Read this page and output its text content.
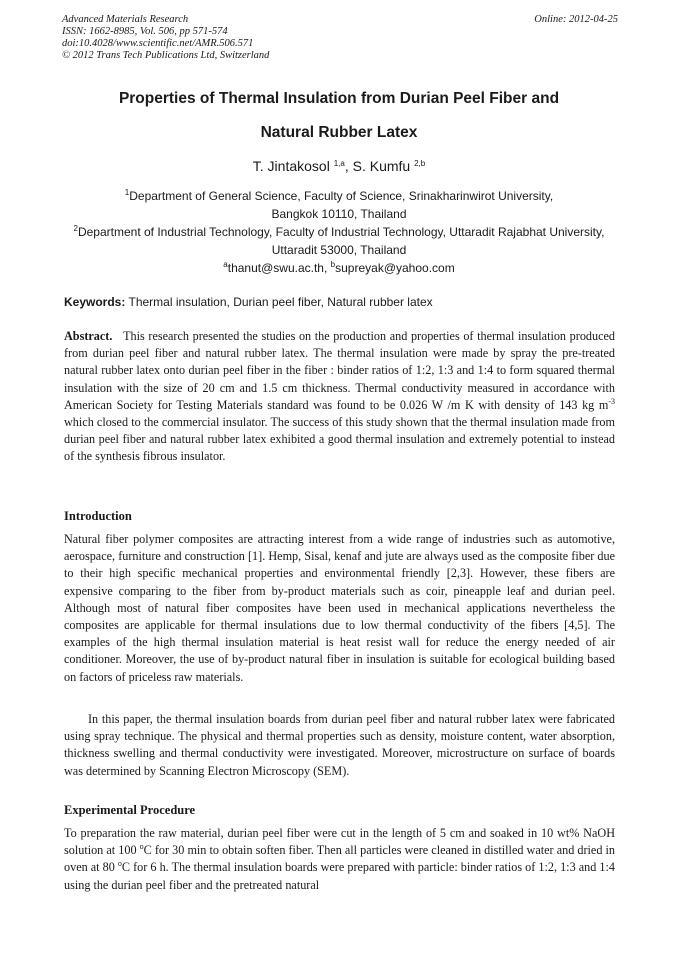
Advanced Materials Research
ISSN: 1662-8985, Vol. 506, pp 571-574
doi:10.4028/www.scientific.net/AMR.506.571
© 2012 Trans Tech Publications Ltd, Switzerland
Online: 2012-04-25
Properties of Thermal Insulation from Durian Peel Fiber and
Natural Rubber Latex
T. Jintakosol $^{1,a}$, S. Kumfu $^{2,b}$
$^1$Department of General Science, Faculty of Science, Srinakharinwirot University,
Bangkok 10110, Thailand
$^2$Department of Industrial Technology, Faculty of Industrial Technology, Uttaradit Rajabhat University,
Uttaradit 53000, Thailand
$^a$thanut@swu.ac.th, $^b$supreyak@yahoo.com
Keywords: Thermal insulation, Durian peel fiber, Natural rubber latex
Abstract. This research presented the studies on the production and properties of thermal insulation produced from durian peel fiber and natural rubber latex. The thermal insulation were made by spray the pre-treated natural rubber latex onto durian peel fiber in the fiber : binder ratios of 1:2, 1:3 and 1:4 to form squared thermal insulation with the size of 20 cm and 1.5 cm thickness. Thermal conductivity measured in accordance with American Society for Testing Materials standard was found to be 0.026 W /m K with density of 143 kg $m^{-3}$ which closed to the commercial insulator. The success of this study shown that the thermal insulation made from durian peel fiber and natural rubber latex exhibited a good thermal insulation and extremely potential to instead of the synthesis fibrous insulator.
Introduction
Natural fiber polymer composites are attracting interest from a wide range of industries such as automotive, aerospace, furniture and construction [1]. Hemp, Sisal, kenaf and jute are always used as the composite fiber due to their high specific mechanical properties and environmental friendly [2,3]. However, these fibers are expensive comparing to the fiber from by-product materials such as coir, pineapple leaf and durian peel. Although most of natural fiber composites have been used in mechanical applications nevertheless the composites are applicable for thermal insulations due to low thermal conductivity of the fibers [4,5]. The examples of the high thermal insulation material is heat resist wall for reduce the energy needed of air conditioner. Moreover, the use of by-product natural fiber in insulation is suitable for ecological building based on factors of priceless raw materials.
In this paper, the thermal insulation boards from durian peel fiber and natural rubber latex were fabricated using spray technique. The physical and thermal properties such as density, moisture content, water absorption, thickness swelling and thermal conductivity were investigated. Moreover, microstructure on surface of boards was determined by Scanning Electron Microscopy (SEM).
Experimental Procedure
To preparation the raw material, durian peel fiber were cut in the length of 5 cm and soaked in 10 wt% NaOH solution at 100 $^o$C for 30 min to obtain soften fiber. Then all particles were cleaned in distilled water and dried in oven at 80 $^o$C for 6 h. The thermal insulation boards were prepared with particle: binder ratios of 1:2, 1:3 and 1:4 using the durian peel fiber and the pretreated natural
